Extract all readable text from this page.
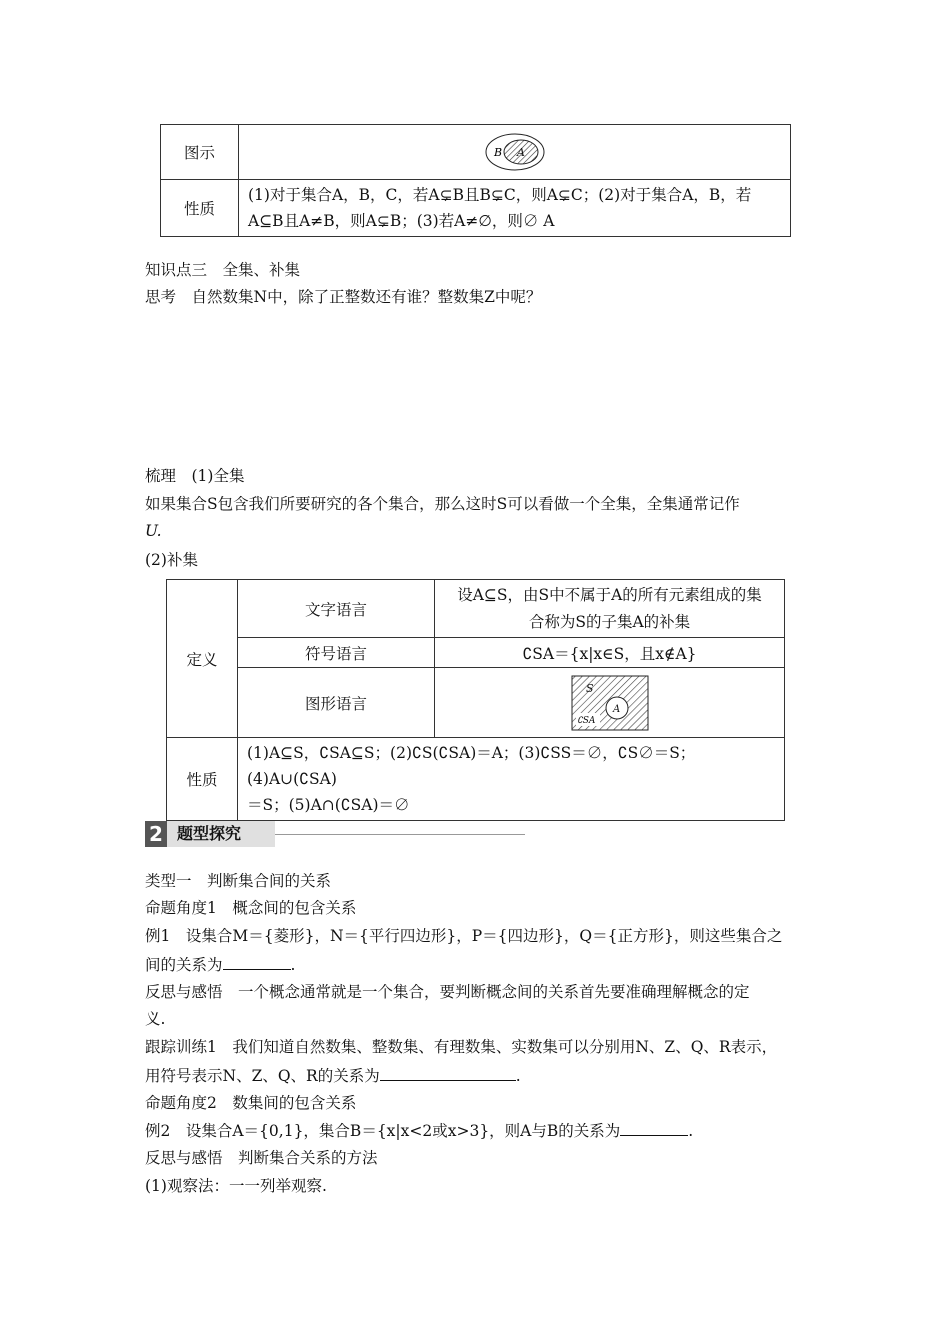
图示	B A

性质	(1)对于集合A，B，C，若A⊊B且B⊊C，则A⊊C；(2)对于集合A，B，若
A⊆B且A≠B，则A⊊B；(3)若A≠∅，则∅ A
知识点三　全集、补集
思考　自然数集N中，除了正整数还有谁？整数集Z中呢？
梳理　(1)全集
如果集合S包含我们所要研究的各个集合，那么这时S可以看做一个全集，全集通常记作
U.
(2)补集
定义	文字语言	设A⊆S，由S中不属于A的所有元素组成的集
合称为S的子集A的补集

	符号语言	∁SA＝{x|x∈S，且x∉A}
	图形语言	S
A
∁SA

性质	(1)A⊆S，∁SA⊆S；(2)∁S(∁SA)＝A；(3)∁SS＝∅，∁S∅＝S；(4)A∪(∁SA)
＝S；(5)A∩(∁SA)＝∅	
2 题型探究
类型一　判断集合间的关系
命题角度1　概念间的包含关系
例1　设集合M＝{菱形}，N＝{平行四边形}，P＝{四边形}，Q＝{正方形}，则这些集合之
间的关系为	.
反思与感悟　一个概念通常就是一个集合，要判断概念间的关系首先要准确理解概念的定
义.
跟踪训练1　我们知道自然数集、整数集、有理数集、实数集可以分别用N、Z、Q、R表示，
用符号表示N、Z、Q、R的关系为	.
命题角度2　数集间的包含关系
例2　设集合A＝{0,1}，集合B＝{x|x<2或x>3}，则A与B的关系为	.
反思与感悟　判断集合关系的方法
(1)观察法：一一列举观察.
